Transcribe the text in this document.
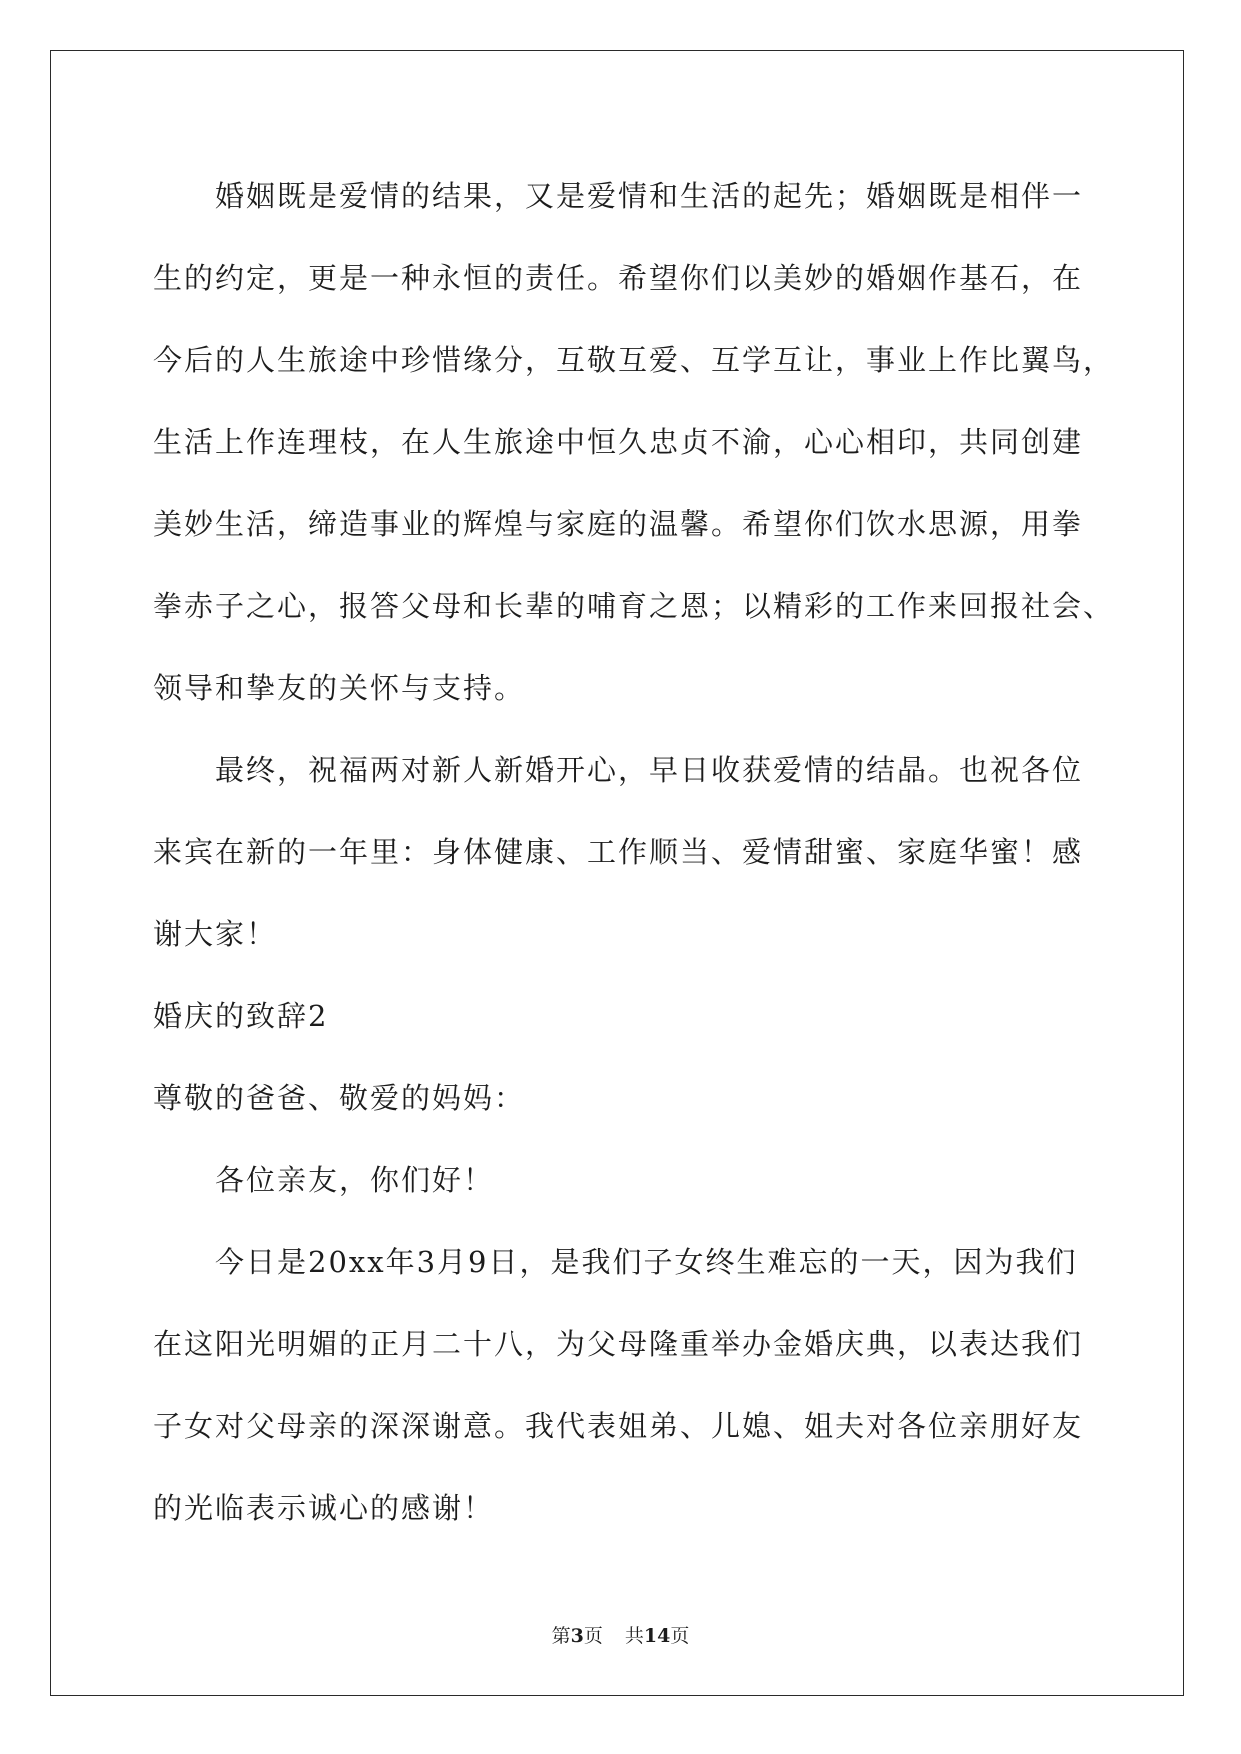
婚姻既是爱情的结果，又是爱情和生活的起先；婚姻既是相伴一
生的约定，更是一种永恒的责任。希望你们以美妙的婚姻作基石，在
今后的人生旅途中珍惜缘分，互敬互爱、互学互让，事业上作比翼鸟，
生活上作连理枝，在人生旅途中恒久忠贞不渝，心心相印，共同创建
美妙生活，缔造事业的辉煌与家庭的温馨。希望你们饮水思源，用拳
拳赤子之心，报答父母和长辈的哺育之恩；以精彩的工作来回报社会、
领导和挚友的关怀与支持。
最终，祝福两对新人新婚开心，早日收获爱情的结晶。也祝各位
来宾在新的一年里：身体健康、工作顺当、爱情甜蜜、家庭华蜜！感
谢大家！
婚庆的致辞2
尊敬的爸爸、敬爱的妈妈：
各位亲友，你们好！
今日是20xx年3月9日，是我们子女终生难忘的一天，因为我们
在这阳光明媚的正月二十八，为父母隆重举办金婚庆典，以表达我们
子女对父母亲的深深谢意。我代表姐弟、儿媳、姐夫对各位亲朋好友
的光临表示诚心的感谢！
第3页 共14页
